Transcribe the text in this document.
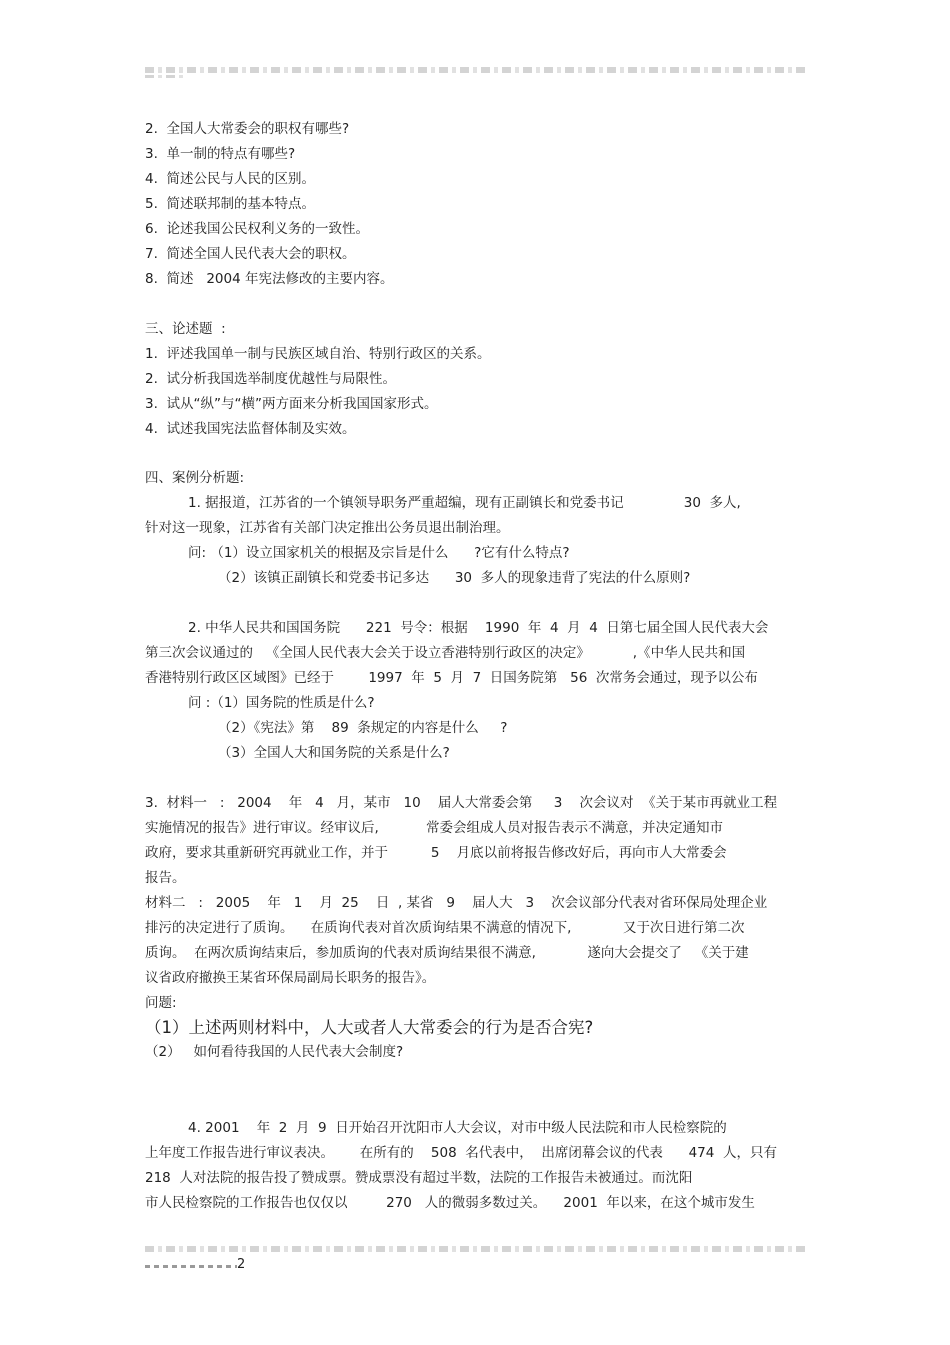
2.  全国人大常委会的职权有哪些?
3.  单一制的特点有哪些?
4.  简述公民与人民的区别。
5.  简述联邦制的基本特点。
6.  论述我国公民权利义务的一致性。
7.  简述全国人民代表大会的职权。
8.  简述   2004 年宪法修改的主要内容。
三、论述题  :
1.  评述我国单一制与民族区域自治、特别行政区的关系。
2.  试分析我国选举制度优越性与局限性。
3.  试从“纵”与“横”两方面来分析我国国家形式。
4.  试述我国宪法监督体制及实效。
四、案例分析题:
1. 据报道，江苏省的一个镇领导职务严重超编，现有正副镇长和党委书记              30  多人,
针对这一现象，江苏省有关部门决定推出公务员退出制治理。
问: （1）设立国家机关的根据及宗旨是什么      ?它有什么特点?
（2）该镇正副镇长和党委书记多达      30  多人的现象违背了宪法的什么原则?
2. 中华人民共和国国务院      221  号令：根据    1990  年  4  月  4  日第七届全国人民代表大会
第三次会议通过的   《全国人民代表大会关于设立香港特别行政区的决定》          ,《中华人民共和国
香港特别行政区区域图》已经于        1997  年  5  月  7  日国务院第   56  次常务会通过，现予以公布
问 :（1）国务院的性质是什么?
（2）《宪法》第    89  条规定的内容是什么     ?
（3）全国人大和国务院的关系是什么?
3.  材料一   :   2004    年   4   月，某市   10    届人大常委会第     3    次会议对  《关于某市再就业工程
实施情况的报告》进行审议。经审议后,           常委会组成人员对报告表示不满意，并决定通知市
政府，要求其重新研究再就业工作，并于          5    月底以前将报告修改好后，再向市人大常委会
报告。
材料二   :   2005    年   1    月  25    日  , 某省   9    届人大   3    次会议部分代表对省环保局处理企业
排污的决定进行了质询。    在质询代表对首次质询结果不满意的情况下,            又于次日进行第二次
质询。  在两次质询结束后，参加质询的代表对质询结果很不满意,            遂向大会提交了   《关于建
议省政府撤换王某省环保局副局长职务的报告》。
问题:
（1）上述两则材料中，人大或者人大常委会的行为是否合宪?
（2）   如何看待我国的人民代表大会制度?
4. 2001    年  2  月  9  日开始召开沈阳市人大会议，对市中级人民法院和市人民检察院的
上年度工作报告进行审议表决。      在所有的    508  名代表中，  出席闭幕会议的代表      474  人，只有
218  人对法院的报告投了赞成票。赞成票没有超过半数，法院的工作报告未被通过。而沈阳
市人民检察院的工作报告也仅仅以         270   人的微弱多数过关。    2001  年以来，在这个城市发生
2
